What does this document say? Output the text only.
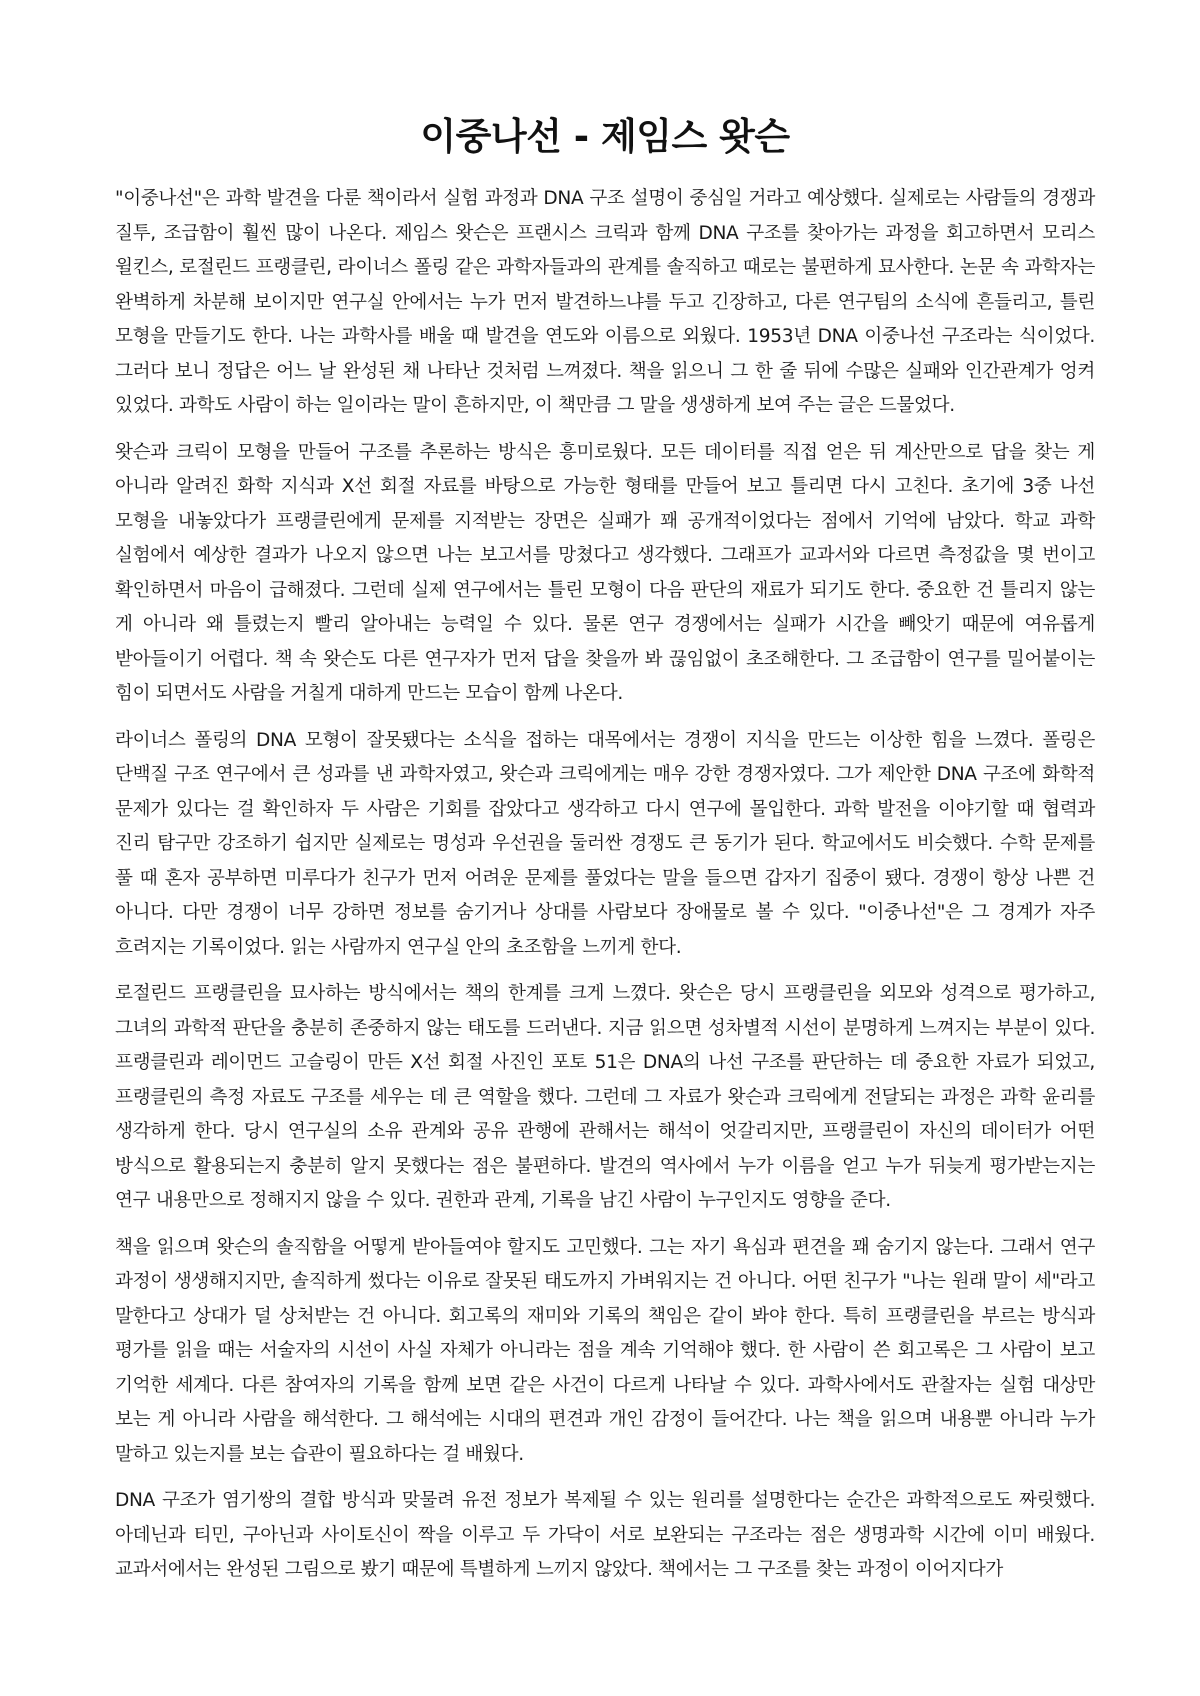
이중나선 - 제임스 왓슨

"이중나선"은 과학 발견을 다룬 책이라서 실험 과정과 DNA 구조 설명이 중심일 거라고 예상했다. 실제로는 사람들의 경쟁과 질투, 조급함이 훨씬 많이 나온다. 제임스 왓슨은 프랜시스 크릭과 함께 DNA 구조를 찾아가는 과정을 회고하면서 모리스 윌킨스, 로절린드 프랭클린, 라이너스 폴링 같은 과학자들과의 관계를 솔직하고 때로는 불편하게 묘사한다. 논문 속 과학자는 완벽하게 차분해 보이지만 연구실 안에서는 누가 먼저 발견하느냐를 두고 긴장하고, 다른 연구팀의 소식에 흔들리고, 틀린 모형을 만들기도 한다. 나는 과학사를 배울 때 발견을 연도와 이름으로 외웠다. 1953년 DNA 이중나선 구조라는 식이었다. 그러다 보니 정답은 어느 날 완성된 채 나타난 것처럼 느껴졌다. 책을 읽으니 그 한 줄 뒤에 수많은 실패와 인간관계가 엉켜 있었다. 과학도 사람이 하는 일이라는 말이 흔하지만, 이 책만큼 그 말을 생생하게 보여 주는 글은 드물었다.

왓슨과 크릭이 모형을 만들어 구조를 추론하는 방식은 흥미로웠다. 모든 데이터를 직접 얻은 뒤 계산만으로 답을 찾는 게 아니라 알려진 화학 지식과 X선 회절 자료를 바탕으로 가능한 형태를 만들어 보고 틀리면 다시 고친다. 초기에 3중 나선 모형을 내놓았다가 프랭클린에게 문제를 지적받는 장면은 실패가 꽤 공개적이었다는 점에서 기억에 남았다. 학교 과학 실험에서 예상한 결과가 나오지 않으면 나는 보고서를 망쳤다고 생각했다. 그래프가 교과서와 다르면 측정값을 몇 번이고 확인하면서 마음이 급해졌다. 그런데 실제 연구에서는 틀린 모형이 다음 판단의 재료가 되기도 한다. 중요한 건 틀리지 않는 게 아니라 왜 틀렸는지 빨리 알아내는 능력일 수 있다. 물론 연구 경쟁에서는 실패가 시간을 빼앗기 때문에 여유롭게 받아들이기 어렵다. 책 속 왓슨도 다른 연구자가 먼저 답을 찾을까 봐 끊임없이 초조해한다. 그 조급함이 연구를 밀어붙이는 힘이 되면서도 사람을 거칠게 대하게 만드는 모습이 함께 나온다.

라이너스 폴링의 DNA 모형이 잘못됐다는 소식을 접하는 대목에서는 경쟁이 지식을 만드는 이상한 힘을 느꼈다. 폴링은 단백질 구조 연구에서 큰 성과를 낸 과학자였고, 왓슨과 크릭에게는 매우 강한 경쟁자였다. 그가 제안한 DNA 구조에 화학적 문제가 있다는 걸 확인하자 두 사람은 기회를 잡았다고 생각하고 다시 연구에 몰입한다. 과학 발전을 이야기할 때 협력과 진리 탐구만 강조하기 쉽지만 실제로는 명성과 우선권을 둘러싼 경쟁도 큰 동기가 된다. 학교에서도 비슷했다. 수학 문제를 풀 때 혼자 공부하면 미루다가 친구가 먼저 어려운 문제를 풀었다는 말을 들으면 갑자기 집중이 됐다. 경쟁이 항상 나쁜 건 아니다. 다만 경쟁이 너무 강하면 정보를 숨기거나 상대를 사람보다 장애물로 볼 수 있다. "이중나선"은 그 경계가 자주 흐려지는 기록이었다. 읽는 사람까지 연구실 안의 초조함을 느끼게 한다.

로절린드 프랭클린을 묘사하는 방식에서는 책의 한계를 크게 느꼈다. 왓슨은 당시 프랭클린을 외모와 성격으로 평가하고, 그녀의 과학적 판단을 충분히 존중하지 않는 태도를 드러낸다. 지금 읽으면 성차별적 시선이 분명하게 느껴지는 부분이 있다. 프랭클린과 레이먼드 고슬링이 만든 X선 회절 사진인 포토 51은 DNA의 나선 구조를 판단하는 데 중요한 자료가 되었고, 프랭클린의 측정 자료도 구조를 세우는 데 큰 역할을 했다. 그런데 그 자료가 왓슨과 크릭에게 전달되는 과정은 과학 윤리를 생각하게 한다. 당시 연구실의 소유 관계와 공유 관행에 관해서는 해석이 엇갈리지만, 프랭클린이 자신의 데이터가 어떤 방식으로 활용되는지 충분히 알지 못했다는 점은 불편하다. 발견의 역사에서 누가 이름을 얻고 누가 뒤늦게 평가받는지는 연구 내용만으로 정해지지 않을 수 있다. 권한과 관계, 기록을 남긴 사람이 누구인지도 영향을 준다.

책을 읽으며 왓슨의 솔직함을 어떻게 받아들여야 할지도 고민했다. 그는 자기 욕심과 편견을 꽤 숨기지 않는다. 그래서 연구 과정이 생생해지지만, 솔직하게 썼다는 이유로 잘못된 태도까지 가벼워지는 건 아니다. 어떤 친구가 "나는 원래 말이 세"라고 말한다고 상대가 덜 상처받는 건 아니다. 회고록의 재미와 기록의 책임은 같이 봐야 한다. 특히 프랭클린을 부르는 방식과 평가를 읽을 때는 서술자의 시선이 사실 자체가 아니라는 점을 계속 기억해야 했다. 한 사람이 쓴 회고록은 그 사람이 보고 기억한 세계다. 다른 참여자의 기록을 함께 보면 같은 사건이 다르게 나타날 수 있다. 과학사에서도 관찰자는 실험 대상만 보는 게 아니라 사람을 해석한다. 그 해석에는 시대의 편견과 개인 감정이 들어간다. 나는 책을 읽으며 내용뿐 아니라 누가 말하고 있는지를 보는 습관이 필요하다는 걸 배웠다.

DNA 구조가 염기쌍의 결합 방식과 맞물려 유전 정보가 복제될 수 있는 원리를 설명한다는 순간은 과학적으로도 짜릿했다. 아데닌과 티민, 구아닌과 사이토신이 짝을 이루고 두 가닥이 서로 보완되는 구조라는 점은 생명과학 시간에 이미 배웠다. 교과서에서는 완성된 그림으로 봤기 때문에 특별하게 느끼지 않았다. 책에서는 그 구조를 찾는 과정이 이어지다가
